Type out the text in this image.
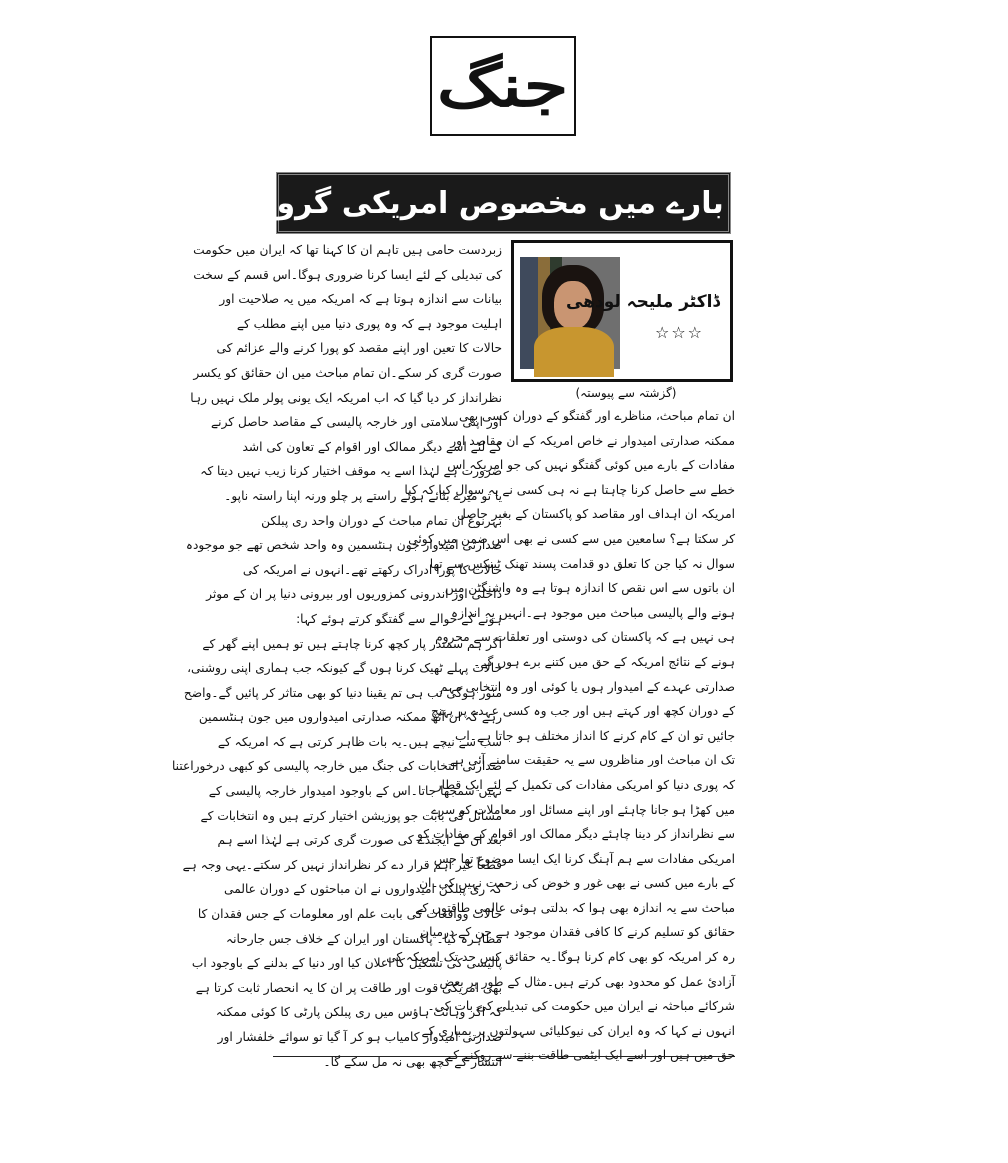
جنگ
پاکستان کے بارے میں مخصوص امریکی گروپ کی سوچ
ڈاکٹر ملیحہ لودھی
☆☆☆
(گزشتہ سے پیوستہ)
زبردست حامی ہیں تاہم ان کا کہنا تھا کہ ایران میں حکومت
کی تبدیلی کے لئے ایسا کرنا ضروری ہوگا۔اس قسم کے سخت
بیانات سے اندازہ ہوتا ہے کہ امریکہ میں یہ صلاحیت اور
اہلیت موجود ہے کہ وہ پوری دنیا میں اپنے مطلب کے
حالات کا تعین اور اپنے مقصد کو پورا کرنے والے عزائم کی
صورت گری کر سکے۔ان تمام مباحث میں ان حقائق کو یکسر
نظرانداز کر دیا گیا کہ اب امریکہ ایک یونی پولر ملک نہیں رہا
اور اپنی سلامتی اور خارجہ پالیسی کے مقاصد حاصل کرنے
کے لئے اسے دیگر ممالک اور اقوام کے تعاون کی اشد
ضرورت ہے لہٰذا اسے یہ موقف اختیار کرنا زیب نہیں دیتا کہ
یا تو میرے بتائے ہوئے راستے پر چلو ورنہ اپنا راستہ ناپو۔
بہرنوع ان تمام مباحث کے دوران واحد ری پبلکن
صدارتی امیدوار جون ہنٹسمین وہ واحد شخص تھے جو موجودہ
حالات کا پورا ادراک رکھتے تھے۔انہوں نے امریکہ کی
داخلی اور اندرونی کمزوریوں اور بیرونی دنیا پر ان کے موثر
ہونے کے حوالے سے گفتگو کرتے ہوئے کہا:
اگر ہم سمندر پار کچھ کرنا چاہتے ہیں تو ہمیں اپنے گھر کے
حالات پہلے ٹھیک کرنا ہوں گے کیونکہ جب ہماری اپنی روشنی،
منور ہوگی تب ہی تم یقینا دنیا کو بھی متاثر کر پائیں گے۔واضح
رہے کہ ان آٹھ ممکنہ صدارتی امیدواروں میں جون ہنٹسمین
سب سے نیچے ہیں۔یہ بات ظاہر کرتی ہے کہ امریکہ کے
صدارتی انتخابات کی جنگ میں خارجہ پالیسی کو کبھی درخوراعتنا
نہیں سمجھا جاتا۔اس کے باوجود امیدوار خارجہ پالیسی کے
مسائل کی بابت جو پوزیشن اختیار کرتے ہیں وہ انتخابات کے
بعد ان کے ایجنڈے کی صورت گری کرتی ہے لہٰذا اسے ہم
قطعاً غیر اہم قرار دے کر نظرانداز نہیں کر سکتے۔یہی وجہ ہے
کہ ری پبلکن امیدواروں نے ان مباحثوں کے دوران عالمی
حالات وواقعات کی بابت علم اور معلومات کے جس فقدان کا
مظاہرہ کیا۔ پاکستان اور ایران کے خلاف جس جارحانہ
پالیسی کی تشکیل کا اعلان کیا اور دنیا کے بدلنے کے باوجود اب
بھی امریکی قوت اور طاقت پر ان کا یہ انحصار ثابت کرتا ہے
کہ اگر وہائٹ ہاؤس میں ری پبلکن پارٹی کا کوئی ممکنہ
صدارتی امیدوار کامیاب ہو کر آ گیا تو سوائے خلفشار اور
انتشار کے کچھ بھی نہ مل سکے گا۔
ان تمام مباحث، مناظرے اور گفتگو کے دوران کسی بھی
ممکنہ صدارتی امیدوار نے خاص امریکہ کے ان مقاصد اور
مفادات کے بارے میں کوئی گفتگو نہیں کی جو امریکہ اس
خطے سے حاصل کرنا چاہتا ہے نہ ہی کسی نے یہ سوال کیا کہ کیا
امریکہ ان اہداف اور مقاصد کو پاکستان کے بغیر حاصل
کر سکتا ہے؟ سامعین میں سے کسی نے بھی اس ضمن میں کوئی
سوال نہ کیا جن کا تعلق دو قدامت پسند تھنک ٹینکس سے تھا
ان باتوں سے اس نقص کا اندازہ ہوتا ہے وہ واشنگٹن میں
ہونے والے پالیسی مباحث میں موجود ہے۔انہیں یہ اندازہ
ہی نہیں ہے کہ پاکستان کی دوستی اور تعلقات سے محروم
ہونے کے نتائج امریکہ کے حق میں کتنے برے ہوں گے۔
صدارتی عہدے کے امیدوار ہوں یا کوئی اور وہ انتخابی مہم
کے دوران کچھ اور کہتے ہیں اور جب وہ کسی عہدے پر پہنچ
جائیں تو ان کے کام کرنے کا انداز مختلف ہو جاتا ہے۔اب
تک ان مباحث اور مناظروں سے یہ حقیقت سامنے آئی ہے
کہ پوری دنیا کو امریکی مفادات کی تکمیل کے لئے ایک قطار
میں کھڑا ہو جانا چاہئے اور اپنے مسائل اور معاملات کو سرے
سے نظرانداز کر دینا چاہئے دیگر ممالک اور اقوام کے مفادات کو
امریکی مفادات سے ہم آہنگ کرنا ایک ایسا موضوع تھا جس
کے بارے میں کسی نے بھی غور و خوض کی زحمت نہیں کی۔ان
مباحث سے یہ اندازہ بھی ہوا کہ بدلتی ہوئی عالمی طاقتوں کے
حقائق کو تسلیم کرنے کا کافی فقدان موجود ہے جن کے درمیان
رہ کر امریکہ کو بھی کام کرنا ہوگا۔یہ حقائق کس حد تک امریکہ کی
آزادیٔ عمل کو محدود بھی کرتے ہیں۔مثال کے طور پر بعض
شرکائے مباحثہ نے ایران میں حکومت کی تبدیلی کی بات کی۔
انہوں نے کہا کہ وہ ایران کی نیوکلیائی سہولتوں پر بمباری کے
حق میں ہیں اور اسے ایک ایٹمی طاقت بننے سے روکنے کے
